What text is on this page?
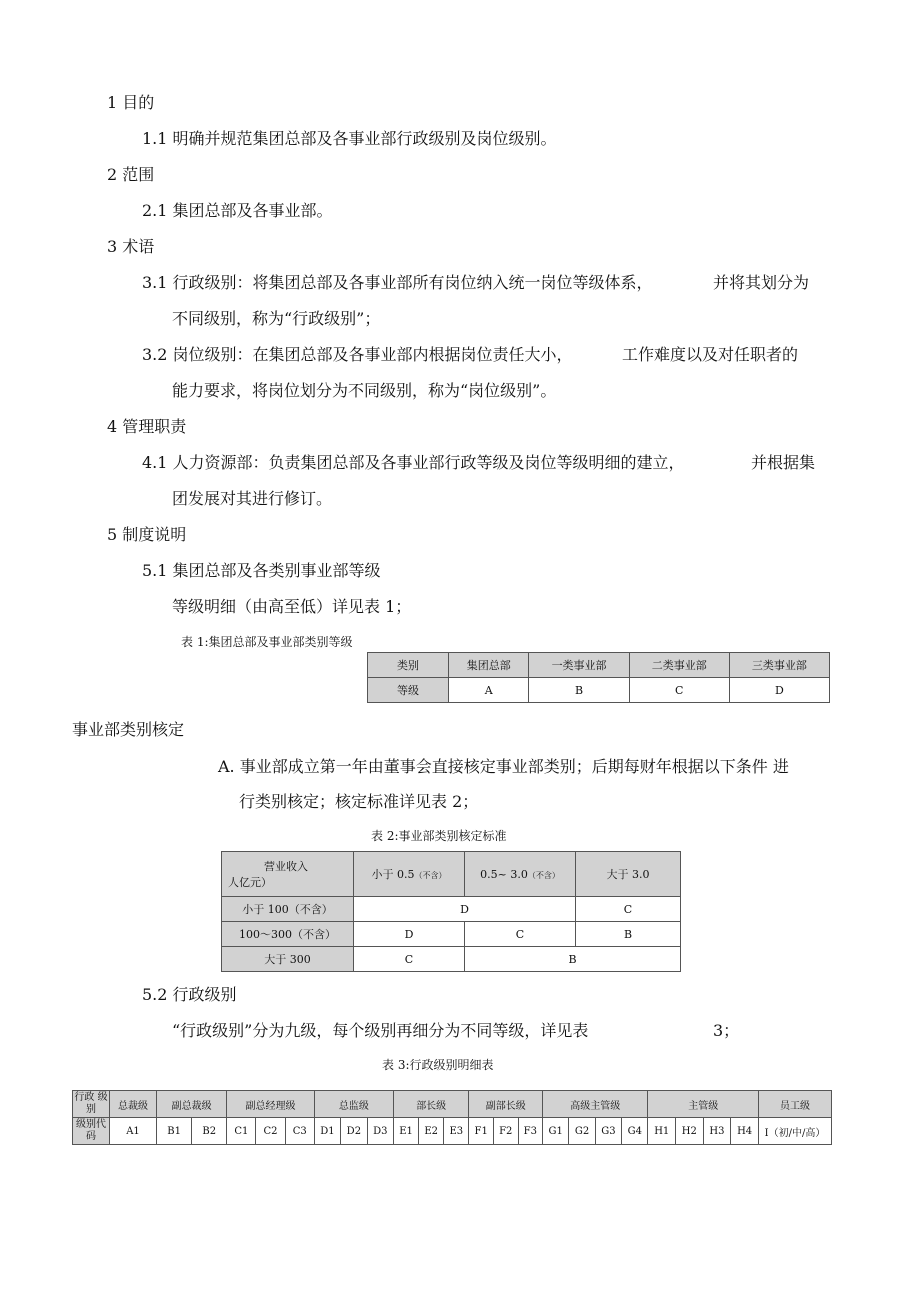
1 目的

1.1 明确并规范集团总部及各事业部行政级别及岗位级别。

2 范围

2.1 集团总部及各事业部。

3 术语

3.1 行政级别：将集团总部及各事业部所有岗位纳入统一岗位等级体系，	并将其划分为

不同级别，称为“行政级别”；

3.2 岗位级别：在集团总部及各事业部内根据岗位责任大小，	工作难度以及对任职者的

能力要求，将岗位划分为不同级别，称为“岗位级别”。

4 管理职责

4.1 人力资源部：负责集团总部及各事业部行政等级及岗位等级明细的建立，	并根据集

团发展对其进行修订。

5 制度说明

5.1 集团总部及各类别事业部等级

等级明细（由高至低）详见表 1；

表 1:集团总部及事业部类别等级
类别	集团总部	一类事业部	二类事业部	三类事业部
等级	A	B	C	D

事业部类别核定

A. 事业部成立第一年由董事会直接核定事业部类别；后期每财年根据以下条件 进

行类别核定；核定标准详见表 2；

表 2:事业部类别核定标准
营业收入
人亿元）	小于 0.5（不含）	0.5~ 3.0（不含）	大于 3.0
小于 100（不含）	D		C
100～300（不含）	D	C	B
大于 300	C	B	

5.2 行政级别

“行政级别”分为九级，每个级别再细分为不同等级，详见表	3；

表 3:行政级别明细表
行政 级别	总裁级	副总裁级		副总经理级			总监级			部长级			副部长级			高级主管级				主管级				员工级
级别代码	A1	B1	B2	C1	C2	C3	D1	D2	D3	E1	E2	E3	F1	F2	F3	G1	G2	G3	G4	H1	H2	H3	H4	I（初/中/高）
